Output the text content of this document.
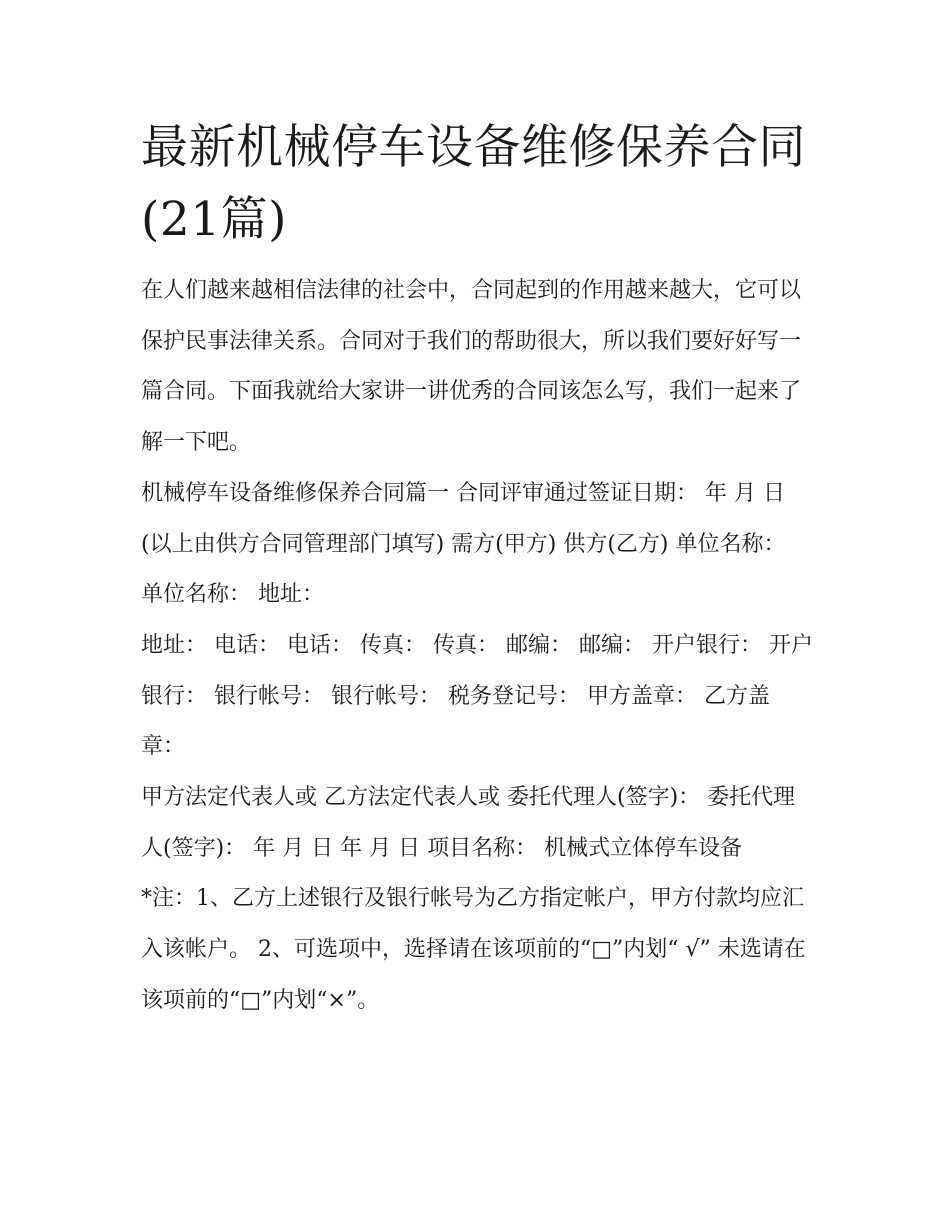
最新机械停车设备维修保养合同(21篇)

在人们越来越相信法律的社会中，合同起到的作用越来越大，它可以保护民事法律关系。合同对于我们的帮助很大，所以我们要好好写一篇合同。下面我就给大家讲一讲优秀的合同该怎么写，我们一起来了解一下吧。

机械停车设备维修保养合同篇一 合同评审通过签证日期： 年 月 日 (以上由供方合同管理部门填写) 需方(甲方) 供方(乙方) 单位名称： 单位名称： 地址：

地址： 电话： 电话： 传真： 传真： 邮编： 邮编： 开户银行： 开户银行： 银行帐号： 银行帐号： 税务登记号： 甲方盖章： 乙方盖章：

甲方法定代表人或 乙方法定代表人或 委托代理人(签字)： 委托代理人(签字)： 年 月 日 年 月 日 项目名称： 机械式立体停车设备

*注：1、乙方上述银行及银行帐号为乙方指定帐户，甲方付款均应汇入该帐户。 2、可选项中，选择请在该项前的“□”内划“ √” 未选请在该项前的“□”内划“×”。
